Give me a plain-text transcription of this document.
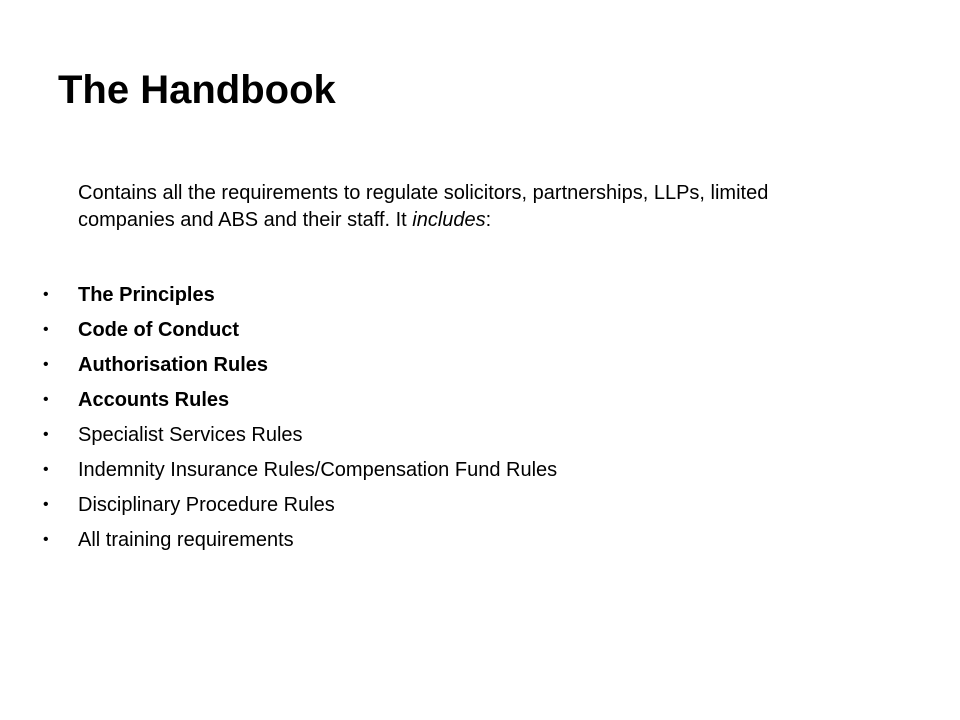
The Handbook

Contains all the requirements to regulate solicitors, partnerships, LLPs, limited companies and ABS and their staff. It includes:

• The Principles
• Code of Conduct
• Authorisation Rules
• Accounts Rules
• Specialist Services Rules
• Indemnity Insurance Rules/Compensation Fund Rules
• Disciplinary Procedure Rules
• All training requirements
